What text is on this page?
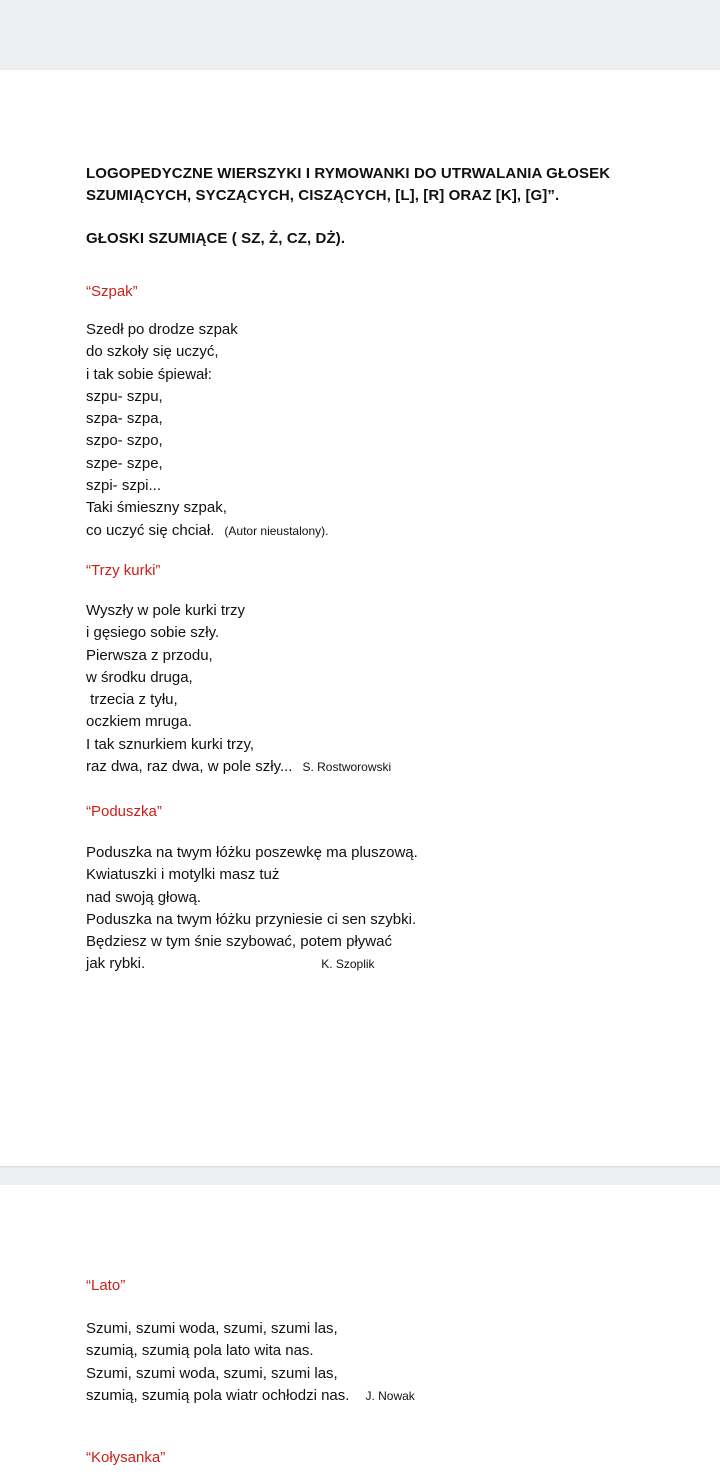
LOGOPEDYCZNE WIERSZYKI I RYMOWANKI DO UTRWALANIA GŁOSEK
SZUMIĄCYCH, SYCZĄCYCH, CISZĄCYCH, [L], [R] ORAZ [K], [G]”.
GŁOSKI SZUMIĄCE ( SZ, Ż, CZ, DŻ).
“Szpak”
Szedł po drodze szpak
do szkoły się uczyć,
i tak sobie śpiewał:
szpu- szpu,
szpa- szpa,
szpo- szpo,
szpe- szpe,
szpi- szpi...
Taki śmieszny szpak,
co uczyć się chciał. (Autor nieustalony).
“Trzy kurki”
Wyszły w pole kurki trzy
i gęsiego sobie szły.
Pierwsza z przodu,
w środku druga,
trzecia z tyłu,
oczkiem mruga.
I tak sznurkiem kurki trzy,
raz dwa, raz dwa, w pole szły... S. Rostworowski
“Poduszka”
Poduszka na twym łóżku poszewkę ma pluszową.
Kwiatuszki i motylki masz tuż
nad swoją głową.
Poduszka na twym łóżku przyniesie ci sen szybki.
Będziesz w tym śnie szybować, potem pływać
jak rybki.	K. Szoplik
“Lato”
Szumi, szumi woda, szumi, szumi las,
szumią, szumią pola lato wita nas.
Szumi, szumi woda, szumi, szumi las,
szumią, szumią pola wiatr ochłodzi nas. J. Nowak
“Kołysanka”
